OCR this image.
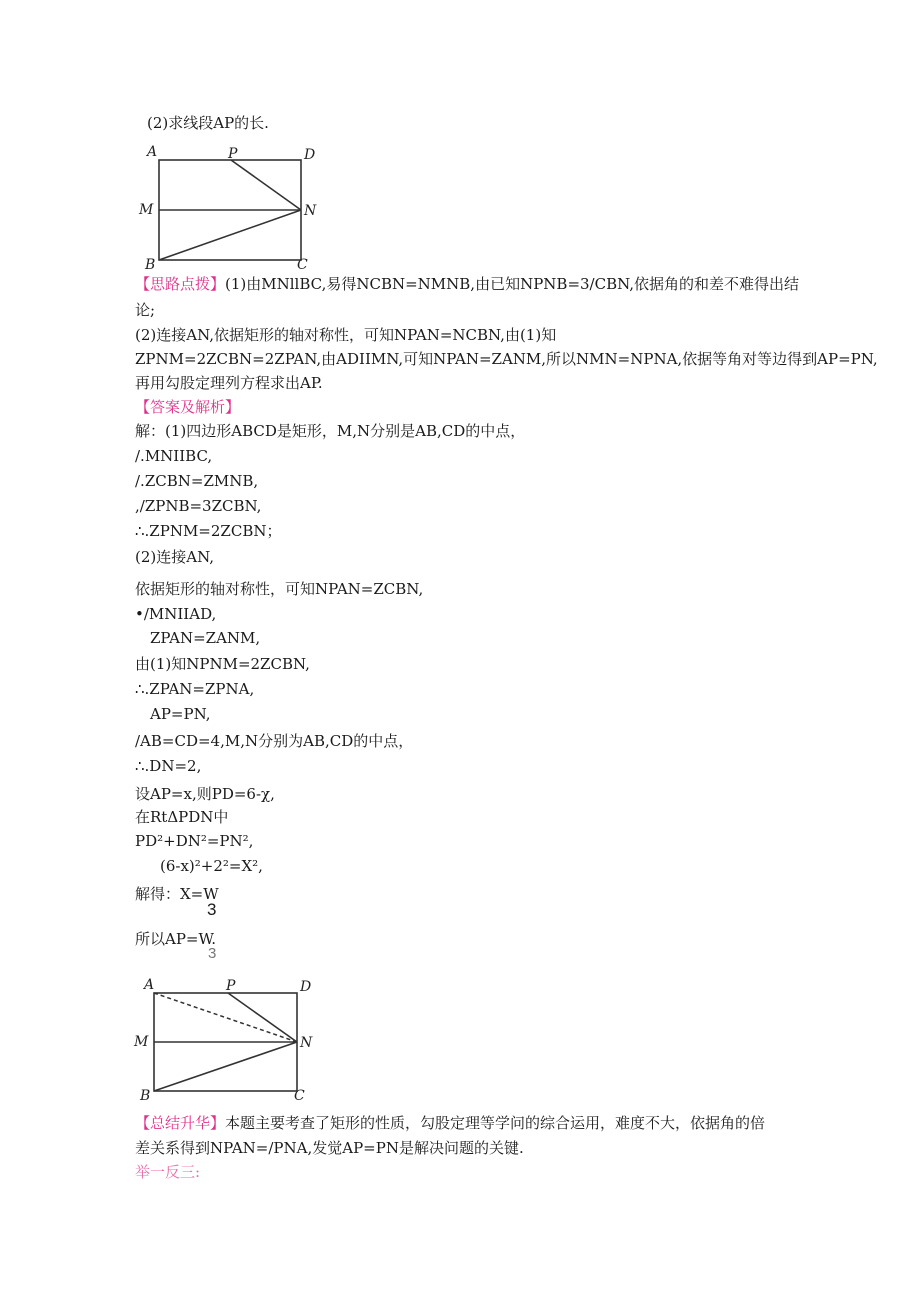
(2)求线段AP的长.
A	P	D
M	N
B	C
【思路点拨】(1)由MNllBC,易得NCBN=NMNB,由已知NPNB=3/CBN,依据角的和差不难得出结
论;
(2)连接AN,依据矩形的轴对称性，可知NPAN=NCBN,由(1)知
ZPNM=2ZCBN=2ZPAN,由ADIIMN,可知NPAN=ZANM,所以NMN=NPNA,依据等角对等边得到AP=PN,
再用勾股定理列方程求出AP.
【答案及解析】
解：(1)四边形ABCD是矩形，M,N分别是AB,CD的中点，
/.MNIIBC,
/.ZCBN=ZMNB,
,/ZPNB=3ZCBN,
∴.ZPNM=2ZCBN；
(2)连接AN,
依据矩形的轴对称性，可知NPAN=ZCBN,
•/MNIIAD,
ZPAN=ZANM,
由(1)知NPNM=2ZCBN,
∴.ZPAN=ZPNA,
AP=PN,
/AB=CD=4,M,N分别为AB,CD的中点，
∴.DN=2,
设AP=x,则PD=6-χ,
在RtΔPDN中
PD²+DN²=PN²,
(6-x)²+2²=X²,
解得：X=W
3
所以AP=W.
3
A	P	D
M	N
B	C
【总结升华】本题主要考查了矩形的性质，勾股定理等学问的综合运用，难度不大，依据角的倍
差关系得到NPAN=/PNA,发觉AP=PN是解决问题的关键.
举一反三:
